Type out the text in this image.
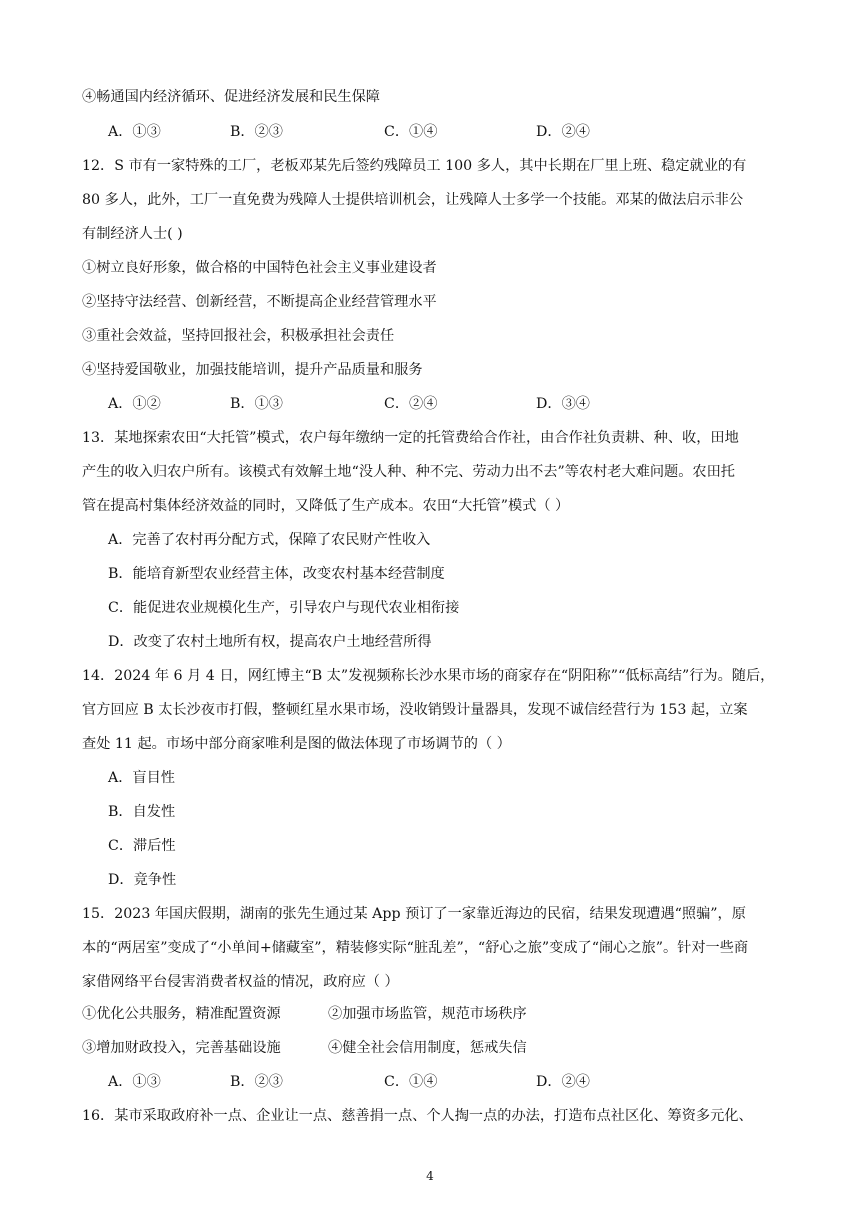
④畅通国内经济循环、促进经济发展和民生保障
A．①③	B．②③	C．①④	D．②④
12．S 市有一家特殊的工厂，老板邓某先后签约残障员工 100 多人，其中长期在厂里上班、稳定就业的有
80 多人，此外，工厂一直免费为残障人士提供培训机会，让残障人士多学一个技能。邓某的做法启示非公
有制经济人士( )
①树立良好形象，做合格的中国特色社会主义事业建设者
②坚持守法经营、创新经营，不断提高企业经营管理水平
③重社会效益，坚持回报社会，积极承担社会责任
④坚持爱国敬业，加强技能培训，提升产品质量和服务
A．①②	B．①③	C．②④	D．③④
13．某地探索农田“大托管”模式，农户每年缴纳一定的托管费给合作社，由合作社负责耕、种、收，田地
产生的收入归农户所有。该模式有效解土地“没人种、种不完、劳动力出不去”等农村老大难问题。农田托
管在提高村集体经济效益的同时，又降低了生产成本。农田“大托管”模式（ ）
A．完善了农村再分配方式，保障了农民财产性收入
B．能培育新型农业经营主体，改变农村基本经营制度
C．能促进农业规模化生产，引导农户与现代农业相衔接
D．改变了农村土地所有权，提高农户土地经营所得
14．2024 年 6 月 4 日，网红博主“B 太”发视频称长沙水果市场的商家存在“阴阳称”“低标高结”行为。随后，
官方回应 B 太长沙夜市打假，整顿红星水果市场，没收销毁计量器具，发现不诚信经营行为 153 起，立案
查处 11 起。市场中部分商家唯利是图的做法体现了市场调节的（ ）
A．盲目性
B．自发性
C．滞后性
D．竞争性
15．2023 年国庆假期，湖南的张先生通过某 App 预订了一家靠近海边的民宿，结果发现遭遇“照骗”，原
本的“两居室”变成了“小单间+储藏室”，精装修实际“脏乱差”，“舒心之旅”变成了“闹心之旅”。针对一些商
家借网络平台侵害消费者权益的情况，政府应（ ）
①优化公共服务，精准配置资源	②加强市场监管，规范市场秩序
③增加财政投入，完善基础设施	④健全社会信用制度，惩戒失信
A．①③	B．②③	C．①④	D．②④
16．某市采取政府补一点、企业让一点、慈善捐一点、个人掏一点的办法，打造布点社区化、筹资多元化、
4
